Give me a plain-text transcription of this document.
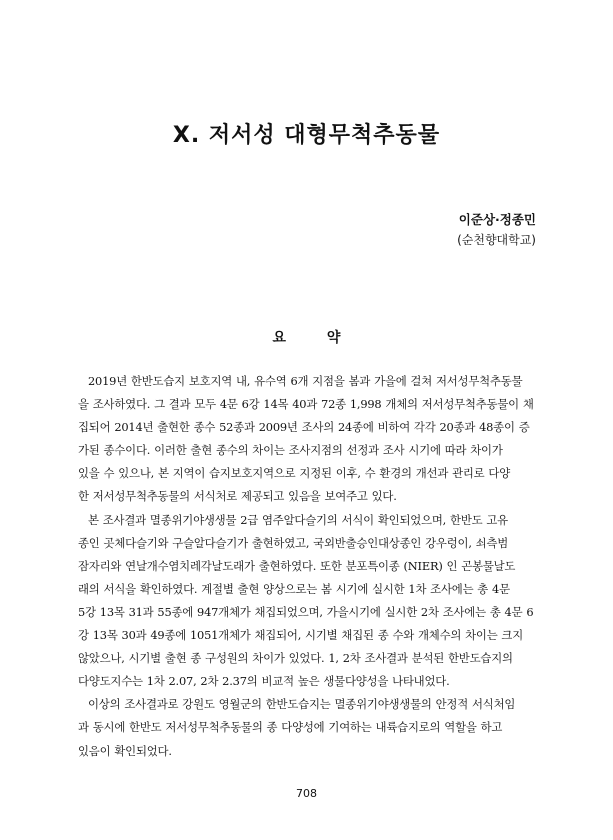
X. 저서성 대형무척추동물
이준상·정종민
(순천향대학교)
요 약

2019년 한반도습지 보호지역 내, 유수역 6개 지점을 봄과 가을에 걸쳐 저서성무척추동물
을 조사하였다. 그 결과 모두 4문 6강 14목 40과 72종 1,998 개체의 저서성무척추동물이 채
집되어 2014년 출현한 종수 52종과 2009년 조사의 24종에 비하여 각각 20종과 48종이 증
가된 종수이다. 이러한 출현 종수의 차이는 조사지점의 선정과 조사 시기에 따라 차이가
있을 수 있으나, 본 지역이 습지보호지역으로 지정된 이후, 수 환경의 개선과 관리로 다양
한 저서성무척추동물의 서식처로 제공되고 있음을 보여주고 있다.

본 조사결과 멸종위기야생생물 2급 염주알다슬기의 서식이 확인되었으며, 한반도 고유
종인 곳체다슬기와 구슬알다슬기가 출현하였고, 국외반출승인대상종인 강우렁이, 쇠측범
잠자리와 연날개수염치레각날도래가 출현하였다. 또한 분포특이종 (NIER) 인 곤봉물날도
래의 서식을 확인하였다. 계절별 출현 양상으로는 봄 시기에 실시한 1차 조사에는 총 4문
5강 13목 31과 55종에 947개체가 채집되었으며, 가을시기에 실시한 2차 조사에는 총 4문 6
강 13목 30과 49종에 1051개체가 채집되어, 시기별 채집된 종 수와 개체수의 차이는 크지
않았으나, 시기별 출현 종 구성원의 차이가 있었다. 1, 2차 조사결과 분석된 한반도습지의
다양도지수는 1차 2.07, 2차 2.37의 비교적 높은 생물다양성을 나타내었다.

이상의 조사결과로 강원도 영월군의 한반도습지는 멸종위기야생생물의 안정적 서식처임
과 동시에 한반도 저서성무척추동물의 종 다양성에 기여하는 내륙습지로의 역할을 하고
있음이 확인되었다.

708
